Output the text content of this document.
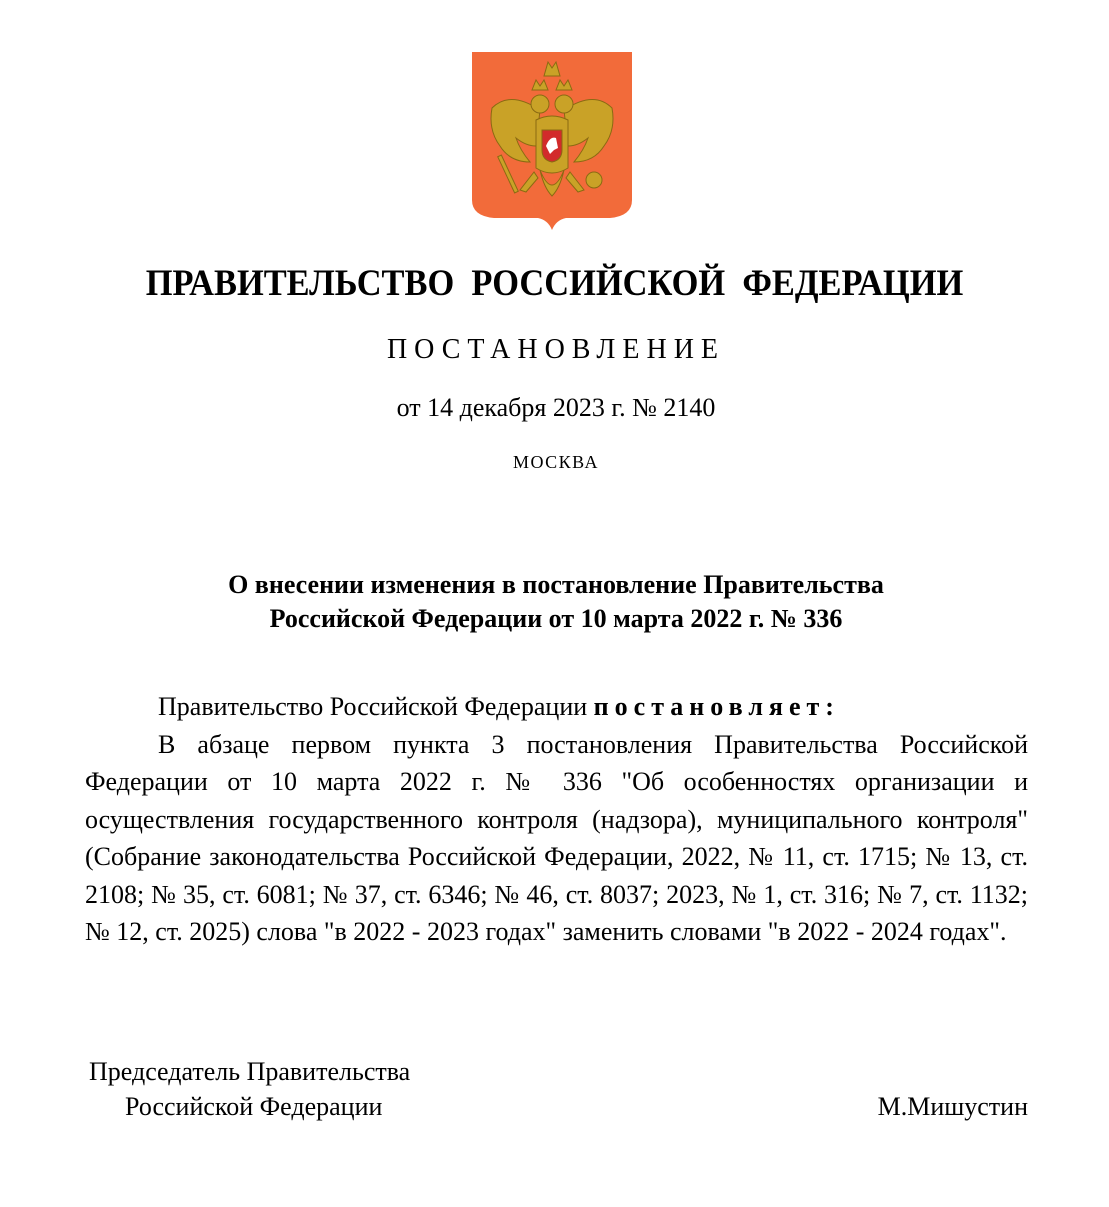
ПРАВИТЕЛЬСТВО  РОССИЙСКОЙ  ФЕДЕРАЦИИ
ПОСТАНОВЛЕНИЕ
от 14 декабря 2023 г. № 2140
МОСКВА
О внесении изменения в постановление Правительства
Российской Федерации от 10 марта 2022 г. № 336

Правительство Российской Федерации постановляет:

В абзаце первом пункта 3 постановления Правительства Российской Федерации от 10 марта 2022 г. № 336 "Об особенностях организации и осуществления государственного контроля (надзора), муниципального контроля" (Собрание законодательства Российской Федерации, 2022, № 11, ст. 1715; № 13, ст. 2108; № 35, ст. 6081; № 37, ст. 6346; № 46, ст. 8037; 2023, № 1, ст. 316; № 7, ст. 1132; № 12, ст. 2025) слова "в 2022 - 2023 годах" заменить словами "в 2022 - 2024 годах".

Председатель Правительства
Российской Федерации	М.Мишустин
